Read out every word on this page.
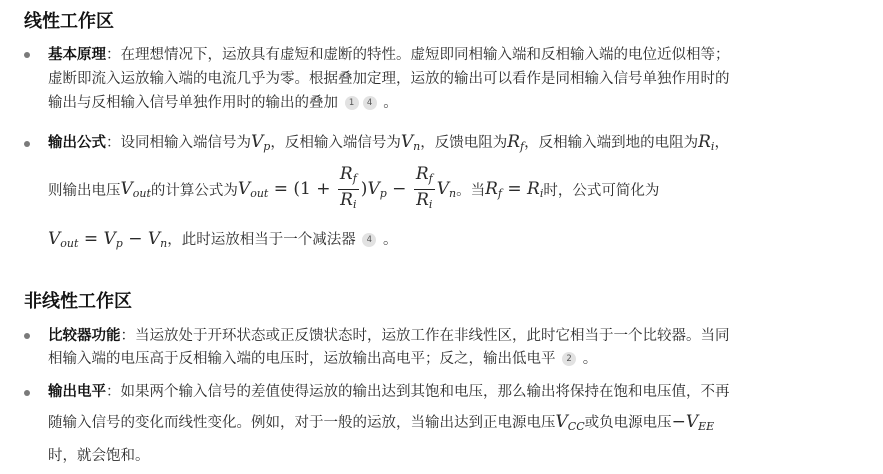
线性工作区
基本原理：在理想情况下，运放具有虚短和虚断的特性。虚短即同相输入端和反相输入端的电位近似相等；
虚断即流入运放输入端的电流几乎为零。根据叠加定理，运放的输出可以看作是同相输入信号单独作用时的
输出与反相输入信号单独作用时的输出的叠加 1 4 。
输出公式：设同相输入端信号为$V_p$，反相输入端信号为$V_n$，反馈电阻为$R_f$，反相输入端到地的电阻为$R_i$，
则输出电压 $V_{out}$ 的计算公式为 $V_{out} = (1 + \frac{R_f}{R_i}$ ) $V_p - \frac{R_f}{R_i} V_n$ 。当 $R_f = R_i$ 时，公式可简化为
$V_{out} = V_p - V_n$，此时运放相当于一个减法器 4 。
非线性工作区
比较器功能：当运放处于开环状态或正反馈状态时，运放工作在非线性区，此时它相当于一个比较器。当同
相输入端的电压高于反相输入端的电压时，运放输出高电平；反之，输出低电平 2 。
输出电平：如果两个输入信号的差值使得运放的输出达到其饱和电压，那么输出将保持在饱和电压值，不再
随输入信号的变化而线性变化。例如，对于一般的运放，当输出达到正电源电压$V_{CC}$或负电源电压$-V_{EE}$
时，就会饱和。
